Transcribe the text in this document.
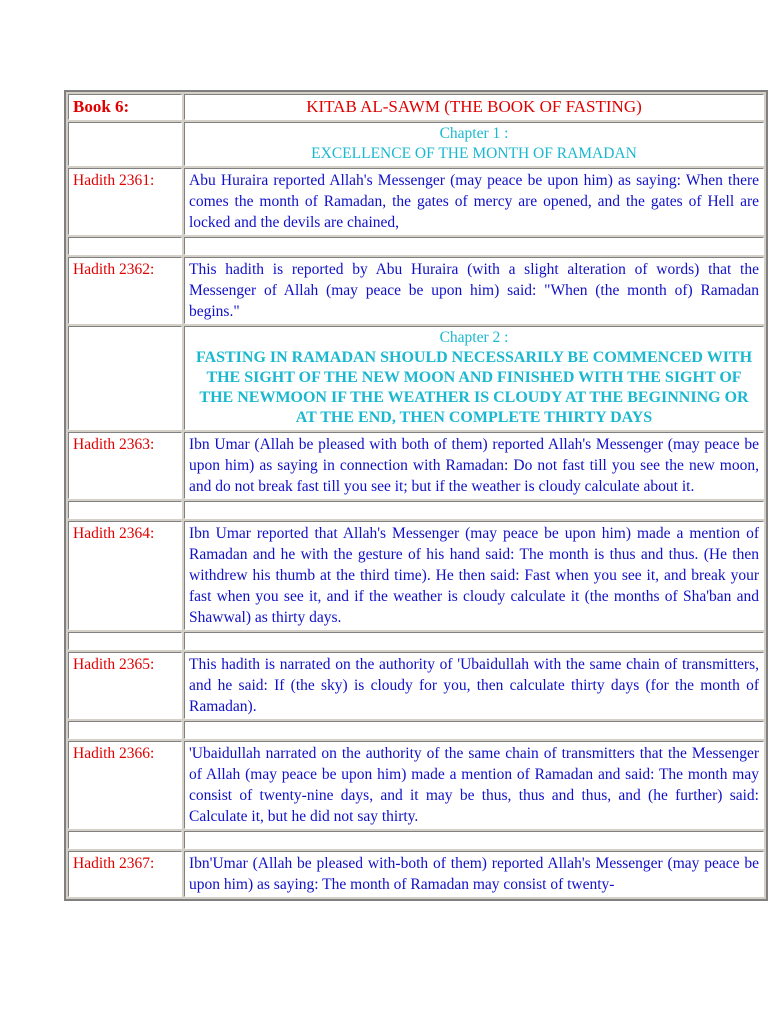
Book 6:	KITAB AL-SAWM (THE BOOK OF FASTING)

	Chapter 1 :
EXCELLENCE OF THE MONTH OF RAMADAN

Hadith 2361:	Abu Huraira reported Allah's Messenger (may peace be upon him) as saying: When there comes the month of Ramadan, the gates of mercy are opened, and the gates of Hell are locked and the devils are chained,

Hadith 2362:	This hadith is reported by Abu Huraira (with a slight alteration of words) that the Messenger of Allah (may peace be upon him) said: "When (the month of) Ramadan begins."

	Chapter 2 :
FASTING IN RAMADAN SHOULD NECESSARILY BE COMMENCED WITH THE SIGHT OF THE NEW MOON AND FINISHED WITH THE SIGHT OF THE NEWMOON IF THE WEATHER IS CLOUDY AT THE BEGINNING OR AT THE END, THEN COMPLETE THIRTY DAYS

Hadith 2363:	Ibn Umar (Allah be pleased with both of them) reported Allah's Messenger (may peace be upon him) as saying in connection with Ramadan: Do not fast till you see the new moon, and do not break fast till you see it; but if the weather is cloudy calculate about it.

Hadith 2364:	Ibn Umar reported that Allah's Messenger (may peace be upon him) made a mention of Ramadan and he with the gesture of his hand said: The month is thus and thus. (He then withdrew his thumb at the third time). He then said: Fast when you see it, and break your fast when you see it, and if the weather is cloudy calculate it (the months of Sha'ban and Shawwal) as thirty days.

Hadith 2365:	This hadith is narrated on the authority of 'Ubaidullah with the same chain of transmitters, and he said: If (the sky) is cloudy for you, then calculate thirty days (for the month of Ramadan).

Hadith 2366:	'Ubaidullah narrated on the authority of the same chain of transmitters that the Messenger of Allah (may peace be upon him) made a mention of Ramadan and said: The month may consist of twenty-nine days, and it may be thus, thus and thus, and (he further) said: Calculate it, but he did not say thirty.

Hadith 2367:	Ibn'Umar (Allah be pleased with-both of them) reported Allah's Messenger (may peace be upon him) as saying: The month of Ramadan may consist of twenty-
